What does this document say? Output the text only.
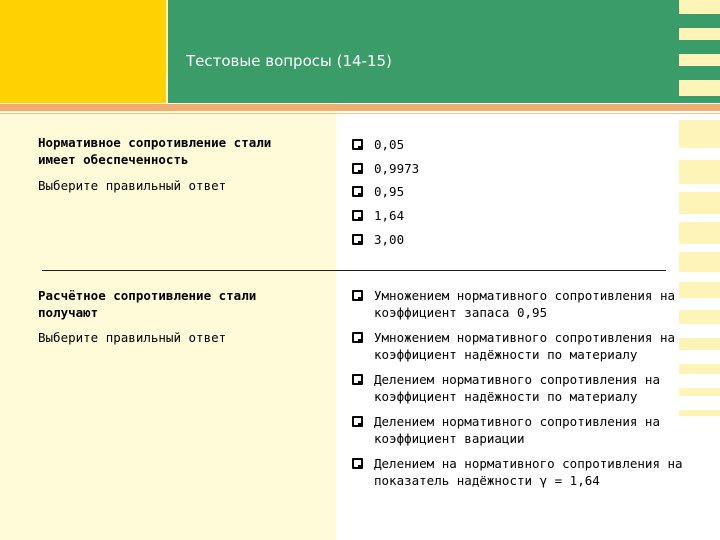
Тестовые вопросы (14-15)
Нормативное сопротивление стали
имеет обеспеченность
Выберите правильный ответ
0,05
0,9973
0,95
1,64
3,00
Расчётное сопротивление стали
получают
Выберите правильный ответ
Умножением нормативного сопротивления на
коэффициент запаса 0,95
Умножением нормативного сопротивления на
коэффициент надёжности по материалу
Делением нормативного сопротивления на
коэффициент надёжности по материалу
Делением нормативного сопротивления на
коэффициент вариации
Делением на нормативного сопротивления на
показатель надёжности γ = 1,64
